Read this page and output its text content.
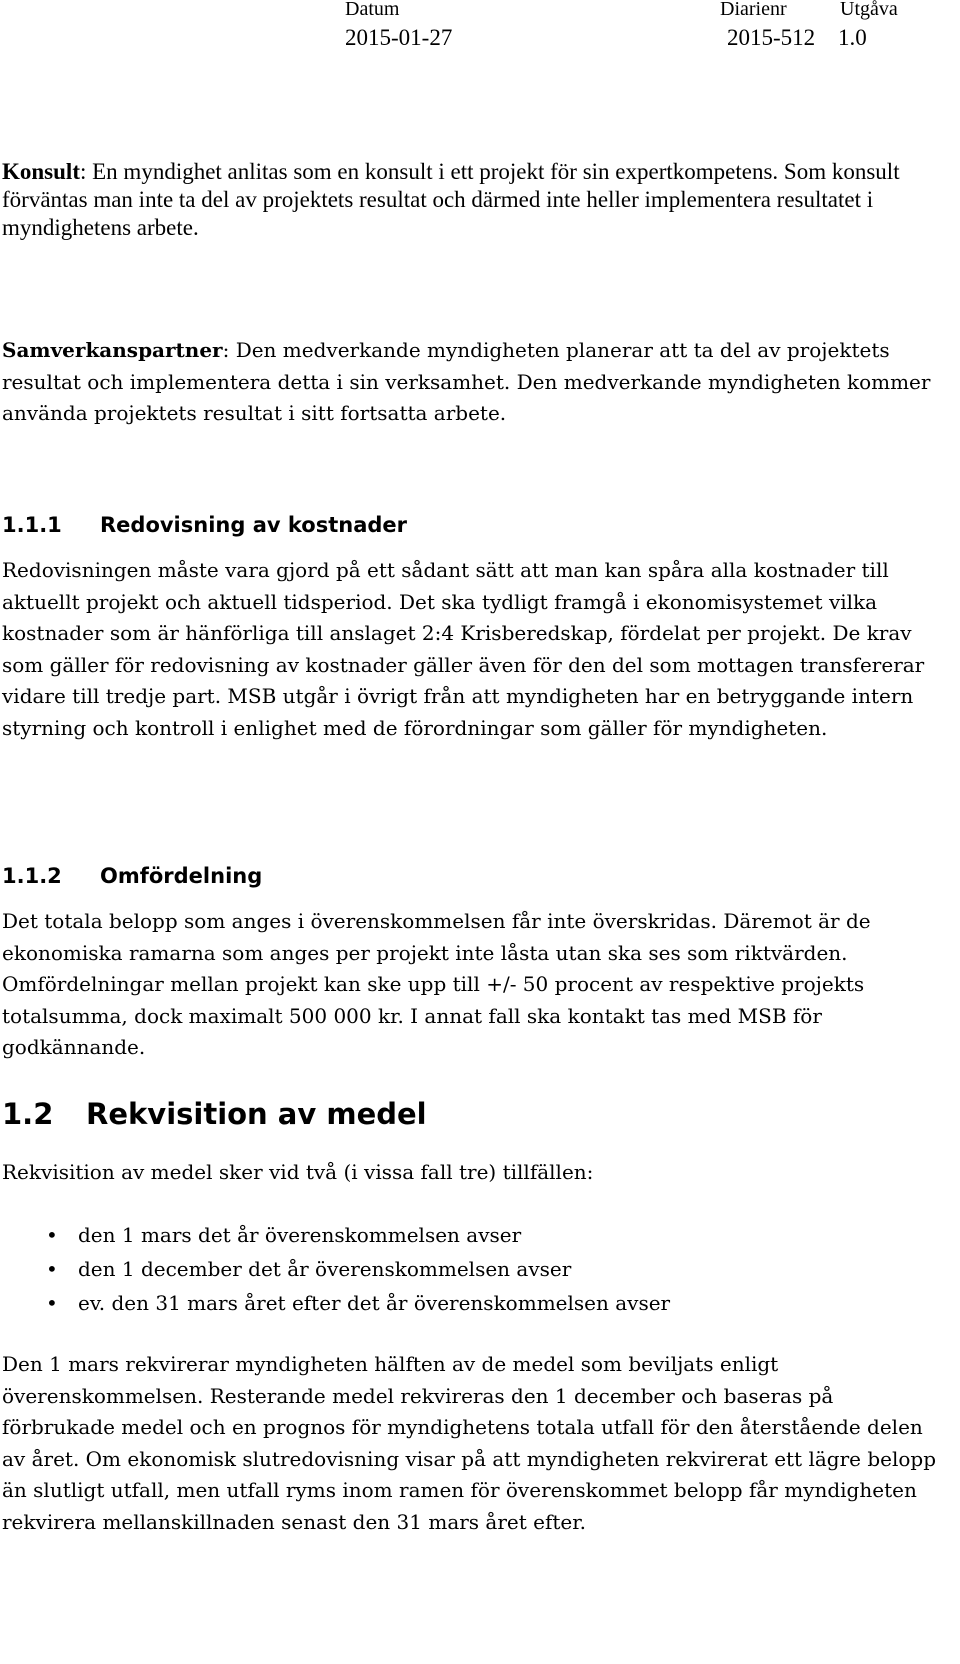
Datum
2015-01-27
Diarienr
2015-512
Utgåva
1.0

Konsult: En myndighet anlitas som en konsult i ett projekt för sin expertkompetens. Som konsult förväntas man inte ta del av projektets resultat och därmed inte heller implementera resultatet i myndighetens arbete.

Samverkanspartner: Den medverkande myndigheten planerar att ta del av projektets resultat och implementera detta i sin verksamhet. Den medverkande myndigheten kommer använda projektets resultat i sitt fortsatta arbete.

1.1.1 Redovisning av kostnader

Redovisningen måste vara gjord på ett sådant sätt att man kan spåra alla kostnader till aktuellt projekt och aktuell tidsperiod. Det ska tydligt framgå i ekonomisystemet vilka kostnader som är hänförliga till anslaget 2:4 Krisberedskap, fördelat per projekt. De krav som gäller för redovisning av kostnader gäller även för den del som mottagen transfererar vidare till tredje part. MSB utgår i övrigt från att myndigheten har en betryggande intern styrning och kontroll i enlighet med de förordningar som gäller för myndigheten.

1.1.2 Omfördelning

Det totala belopp som anges i överenskommelsen får inte överskridas. Däremot är de ekonomiska ramarna som anges per projekt inte låsta utan ska ses som riktvärden. Omfördelningar mellan projekt kan ske upp till +/- 50 procent av respektive projekts totalsumma, dock maximalt 500 000 kr. I annat fall ska kontakt tas med MSB för godkännande.

1.2 Rekvisition av medel

Rekvisition av medel sker vid två (i vissa fall tre) tillfällen:

• den 1 mars det år överenskommelsen avser
• den 1 december det år överenskommelsen avser
• ev. den 31 mars året efter det år överenskommelsen avser

Den 1 mars rekvirerar myndigheten hälften av de medel som beviljats enligt överenskommelsen. Resterande medel rekvireras den 1 december och baseras på förbrukade medel och en prognos för myndighetens totala utfall för den återstående delen av året. Om ekonomisk slutredovisning visar på att myndigheten rekvirerat ett lägre belopp än slutligt utfall, men utfall ryms inom ramen för överenskommet belopp får myndigheten rekvirera mellanskillnaden senast den 31 mars året efter.
